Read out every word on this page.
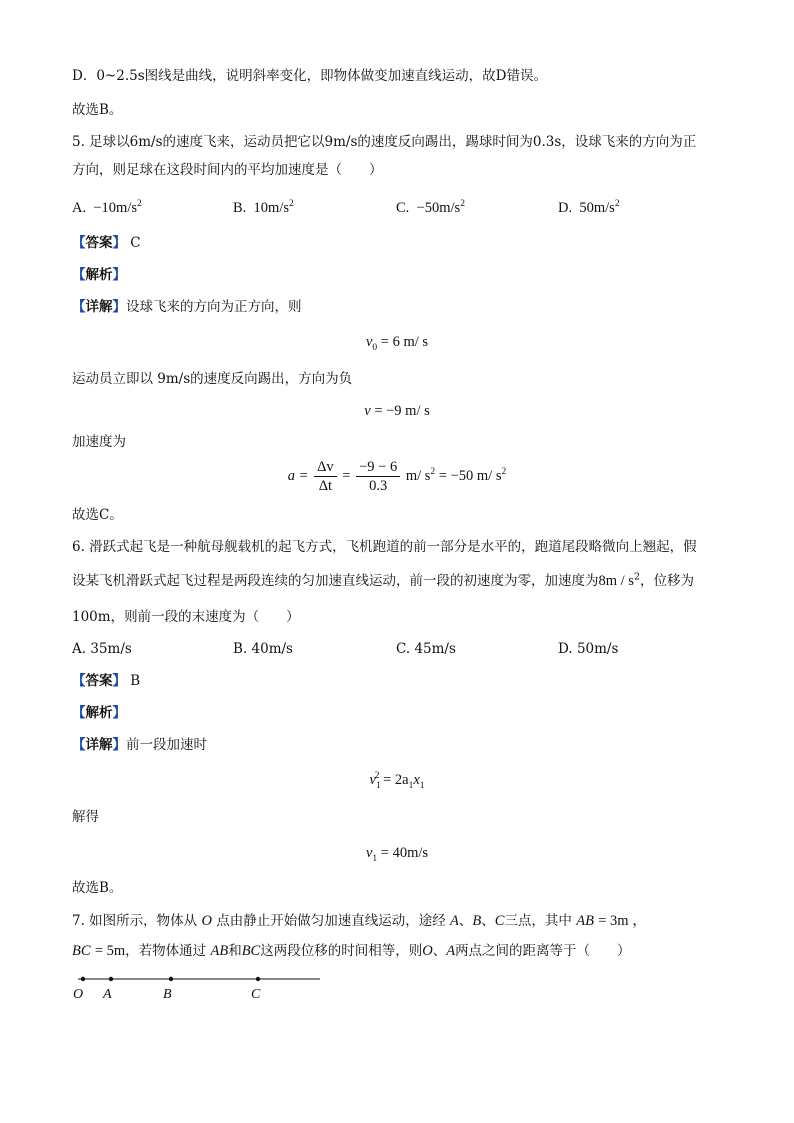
D．0~2.5s图线是曲线，说明斜率变化，即物体做变加速直线运动，故D错误。
故选B。
5. 足球以6m/s的速度飞来，运动员把它以9m/s的速度反向踢出，踢球时间为0.3s，设球飞来的方向为正
方向，则足球在这段时间内的平均加速度是（　　）
A. $-10m/s^2$	B. $10m/s^2$	C. $-50m/s^2$	D. $50m/s^2$
【答案】 C
【解析】
【详解】设球飞来的方向为正方向，则
$v_0 = 6$ m/ s
运动员立即以 9m/s的速度反向踢出，方向为负
v = −9 m/ s
加速度为
$a = \frac{\Delta v}{\Delta t} = \frac{-9 - 6}{0.3} m/$ $s^2 = -50$ m/ $s^2$
故选C。
6. 滑跃式起飞是一种航母舰载机的起飞方式，飞机跑道的前一部分是水平的，跑道尾段略微向上翘起，假
设某飞机滑跃式起飞过程是两段连续的匀加速直线运动，前一段的初速度为零，加速度为$8m / s^2$，位移为
100m，则前一段的末速度为（　　）
A. 35m/s	B. 40m/s	C. 45m/s	D. 50m/s
【答案】 B
【解析】
【详解】前一段加速时
$v_1^2 = 2a_1x_1$
解得
$v_1 = 40m/s$
故选B。
7. 如图所示，物体从 O 点由静止开始做匀加速直线运动，途经 A、B、C三点，其中 AB = 3m ，
BC = 5m，若物体通过 AB和BC这两段位移的时间相等，则O、A两点之间的距离等于（　　）
O A	B	C
